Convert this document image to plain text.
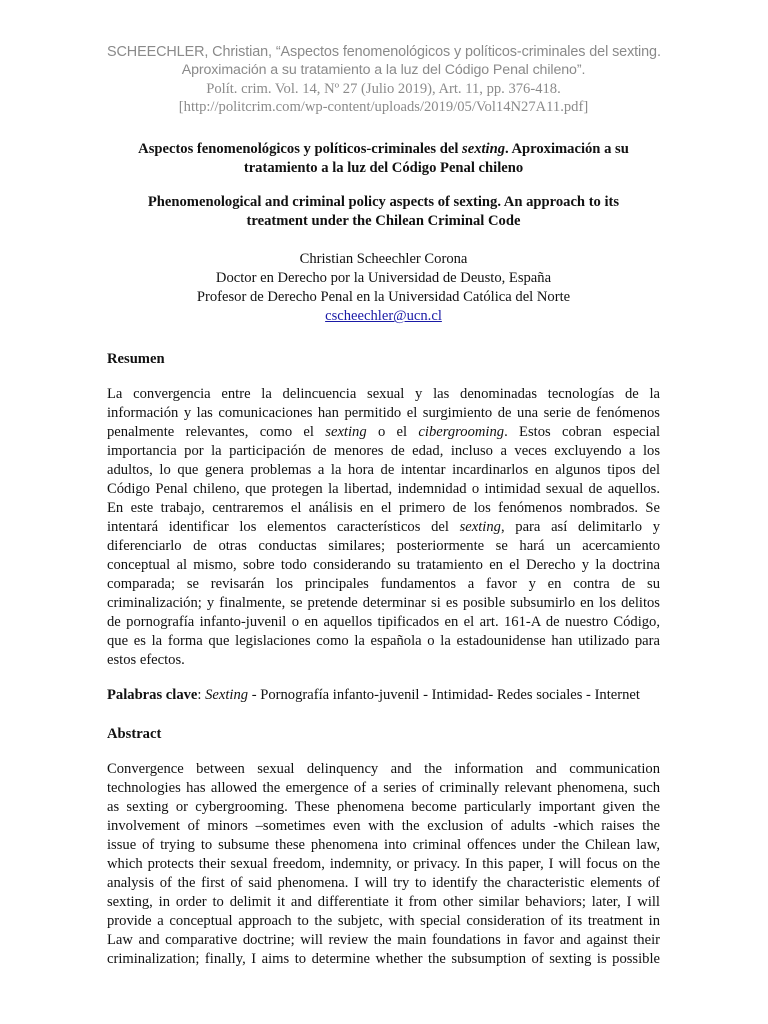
SCHEECHLER, Christian, “Aspectos fenomenológicos y políticos-criminales del sexting.
Aproximación a su tratamiento a la luz del Código Penal chileno”.
Polít. crim. Vol. 14, Nº 27 (Julio 2019), Art. 11, pp. 376-418.
[http://politcrim.com/wp-content/uploads/2019/05/Vol14N27A11.pdf]
Aspectos fenomenológicos y políticos-criminales del sexting. Aproximación a su
tratamiento a la luz del Código Penal chileno
Phenomenological and criminal policy aspects of sexting. An approach to its
treatment under the Chilean Criminal Code
Christian Scheechler Corona
Doctor en Derecho por la Universidad de Deusto, España
Profesor de Derecho Penal en la Universidad Católica del Norte
cscheechler@ucn.cl
Resumen
La convergencia entre la delincuencia sexual y las denominadas tecnologías de la
información y las comunicaciones han permitido el surgimiento de una serie de fenómenos
penalmente relevantes, como el sexting o el cibergrooming. Estos cobran especial
importancia por la participación de menores de edad, incluso a veces excluyendo a los
adultos, lo que genera problemas a la hora de intentar incardinarlos en algunos tipos del
Código Penal chileno, que protegen la libertad, indemnidad o intimidad sexual de aquellos.
En este trabajo, centraremos el análisis en el primero de los fenómenos nombrados. Se
intentará identificar los elementos característicos del sexting, para así delimitarlo y
diferenciarlo de otras conductas similares; posteriormente se hará un acercamiento
conceptual al mismo, sobre todo considerando su tratamiento en el Derecho y la doctrina
comparada; se revisarán los principales fundamentos a favor y en contra de su
criminalización; y finalmente, se pretende determinar si es posible subsumirlo en los delitos
de pornografía infanto-juvenil o en aquellos tipificados en el art. 161-A de nuestro Código,
que es la forma que legislaciones como la española o la estadounidense han utilizado para
estos efectos.
Palabras clave: Sexting - Pornografía infanto-juvenil - Intimidad- Redes sociales - Internet
Abstract
Convergence between sexual delinquency and the information and communication
technologies has allowed the emergence of a series of criminally relevant phenomena, such
as sexting or cybergrooming. These phenomena become particularly important given the
involvement of minors –sometimes even with the exclusion of adults -which raises the
issue of trying to subsume these phenomena into criminal offences under the Chilean law,
which protects their sexual freedom, indemnity, or privacy. In this paper, I will focus on the
analysis of the first of said phenomena. I will try to identify the characteristic elements of
sexting, in order to delimit it and differentiate it from other similar behaviors; later, I will
provide a conceptual approach to the subjetc, with special consideration of its treatment in
Law and comparative doctrine; will review the main foundations in favor and against their
criminalization; finally, I aims to determine whether the subsumption of sexting is possible
